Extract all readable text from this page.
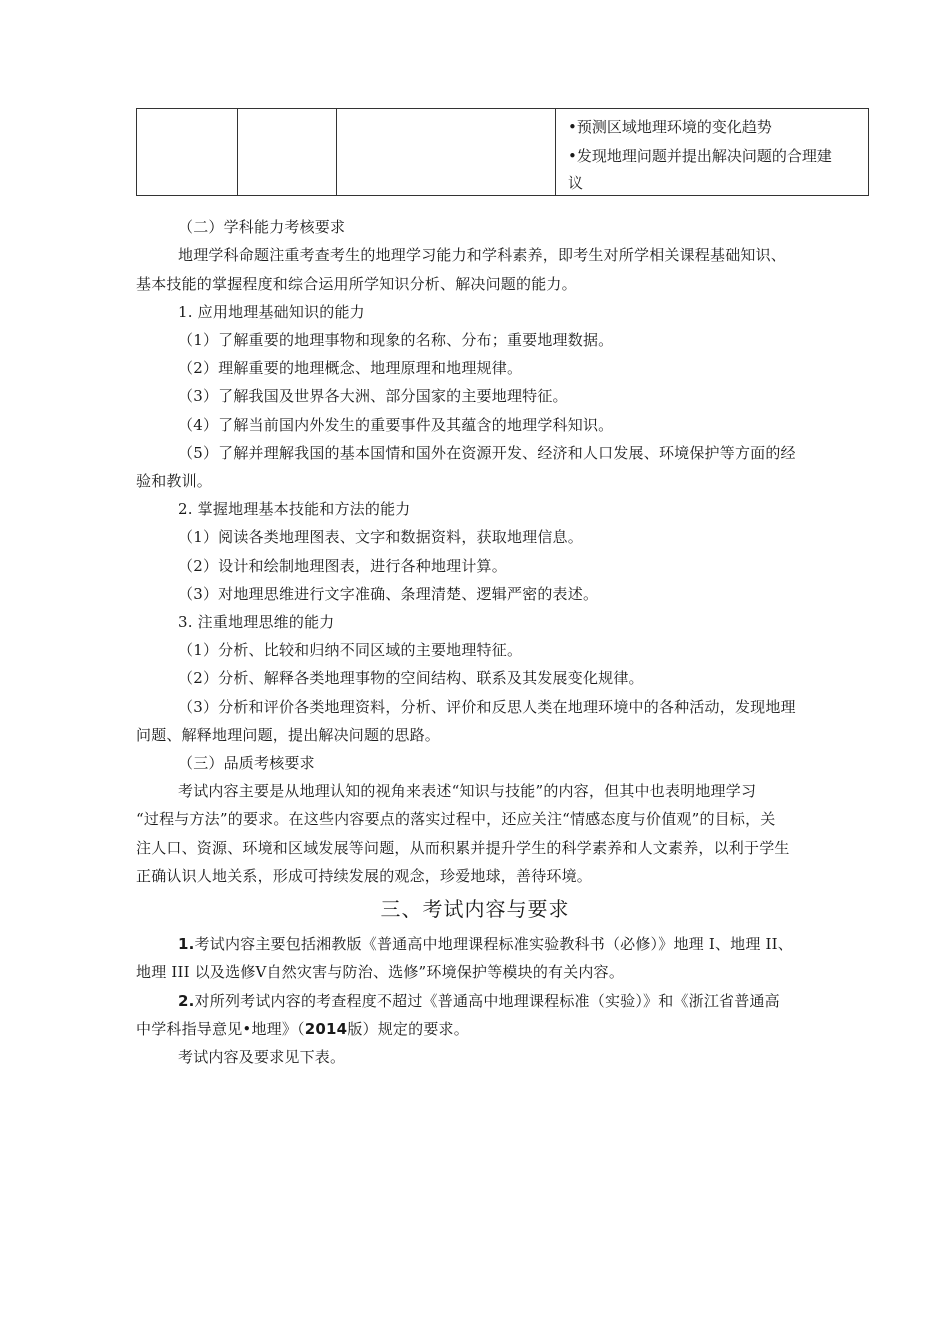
•预测区域地理环境的变化趋势
•发现地理问题并提出解决问题的合理建
议
（二）学科能力考核要求
地理学科命题注重考查考生的地理学习能力和学科素养，即考生对所学相关课程基础知识、
基本技能的掌握程度和综合运用所学知识分析、解决问题的能力。
1. 应用地理基础知识的能力
（1）了解重要的地理事物和现象的名称、分布；重要地理数据。
（2）理解重要的地理概念、地理原理和地理规律。
（3）了解我国及世界各大洲、部分国家的主要地理特征。
（4）了解当前国内外发生的重要事件及其蕴含的地理学科知识。
（5）了解并理解我国的基本国情和国外在资源开发、经济和人口发展、环境保护等方面的经
验和教训。
2. 掌握地理基本技能和方法的能力
（1）阅读各类地理图表、文字和数据资料，获取地理信息。
（2）设计和绘制地理图表，进行各种地理计算。
（3）对地理思维进行文字准确、条理清楚、逻辑严密的表述。
3. 注重地理思维的能力
（1）分析、比较和归纳不同区域的主要地理特征。
（2）分析、解释各类地理事物的空间结构、联系及其发展变化规律。
（3）分析和评价各类地理资料，分析、评价和反思人类在地理环境中的各种活动，发现地理
问题、解释地理问题，提出解决问题的思路。
（三）品质考核要求
考试内容主要是从地理认知的视角来表述“知识与技能”的内容，但其中也表明地理学习
“过程与方法”的要求。在这些内容要点的落实过程中，还应关注“情感态度与价值观”的目标，关
注人口、资源、环境和区域发展等问题，从而积累并提升学生的科学素养和人文素养，以利于学生
正确认识人地关系，形成可持续发展的观念，珍爱地球，善待环境。
三、考试内容与要求
1.考试内容主要包括湘教版《普通高中地理课程标准实验教科书（必修）》地理 I、地理 II、
地理 III 以及选修Ⅴ自然灾害与防治、选修”环境保护等模块的有关内容。
2.对所列考试内容的考查程度不超过《普通高中地理课程标准（实验）》和《浙江省普通高
中学科指导意见•地理》（2014版）规定的要求。
考试内容及要求见下表。
